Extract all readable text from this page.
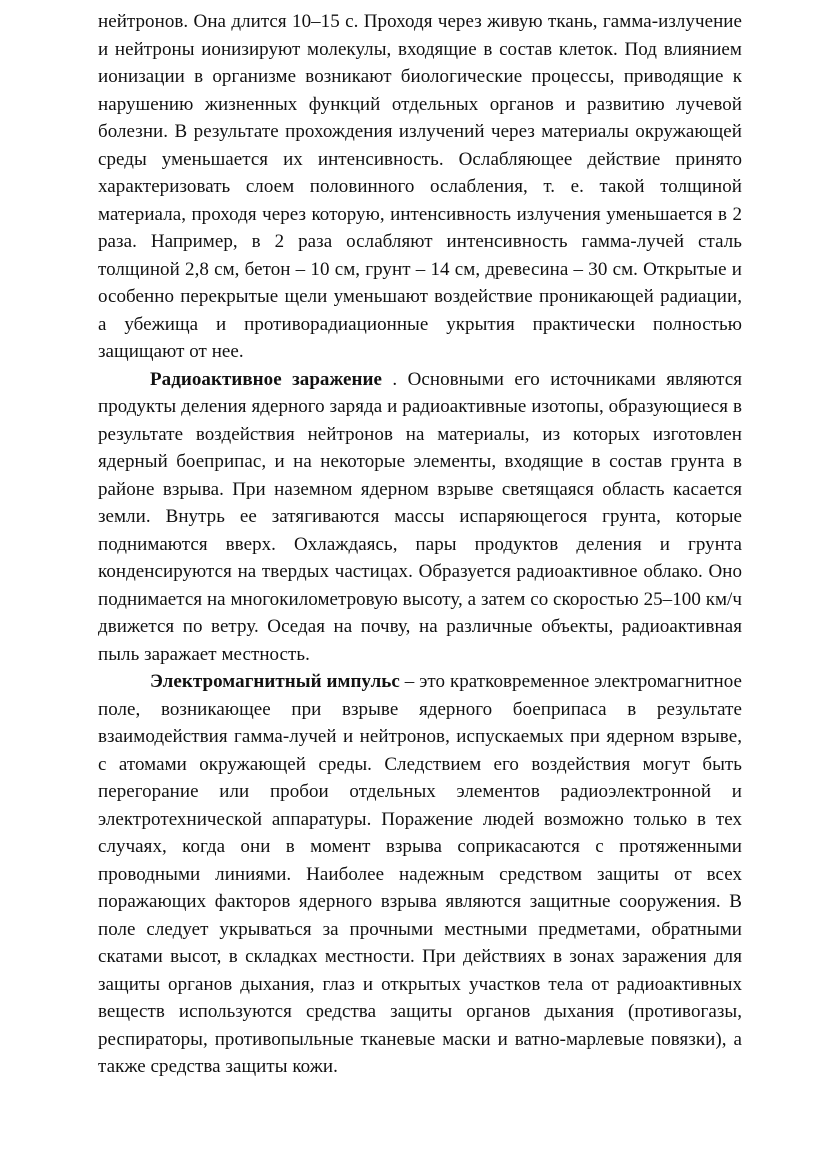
нейтронов. Она длится 10–15 с. Проходя через живую ткань, гамма-излучение и нейтроны ионизируют молекулы, входящие в состав клеток. Под влиянием ионизации в организме возникают биологические процессы, приводящие к нарушению жизненных функций отдельных органов и развитию лучевой болезни. В результате прохождения излучений через материалы окружающей среды уменьшается их интенсивность. Ослабляющее действие принято характеризовать слоем половинного ослабления, т. е. такой толщиной материала, проходя через которую, интенсивность излучения уменьшается в 2 раза. Например, в 2 раза ослабляют интенсивность гамма-лучей сталь толщиной 2,8 см, бетон – 10 см, грунт – 14 см, древесина – 30 см. Открытые и особенно перекрытые щели уменьшают воздействие проникающей радиации, а убежища и противорадиационные укрытия практически полностью защищают от нее.

Радиоактивное заражение . Основными его источниками являются продукты деления ядерного заряда и радиоактивные изотопы, образующиеся в результате воздействия нейтронов на материалы, из которых изготовлен ядерный боеприпас, и на некоторые элементы, входящие в состав грунта в районе взрыва. При наземном ядерном взрыве светящаяся область касается земли. Внутрь ее затягиваются массы испаряющегося грунта, которые поднимаются вверх. Охлаждаясь, пары продуктов деления и грунта конденсируются на твердых частицах. Образуется радиоактивное облако. Оно поднимается на многокилометровую высоту, а затем со скоростью 25–100 км/ч движется по ветру. Оседая на почву, на различные объекты, радиоактивная пыль заражает местность.

Электромагнитный импульс – это кратковременное электромагнитное поле, возникающее при взрыве ядерного боеприпаса в результате взаимодействия гамма-лучей и нейтронов, испускаемых при ядерном взрыве, с атомами окружающей среды. Следствием его воздействия могут быть перегорание или пробои отдельных элементов радиоэлектронной и электротехнической аппаратуры. Поражение людей возможно только в тех случаях, когда они в момент взрыва соприкасаются с протяженными проводными линиями. Наиболее надежным средством защиты от всех поражающих факторов ядерного взрыва являются защитные сооружения. В поле следует укрываться за прочными местными предметами, обратными скатами высот, в складках местности. При действиях в зонах заражения для защиты органов дыхания, глаз и открытых участков тела от радиоактивных веществ используются средства защиты органов дыхания (противогазы, респираторы, противопыльные тканевые маски и ватно-марлевые повязки), а также средства защиты кожи.
